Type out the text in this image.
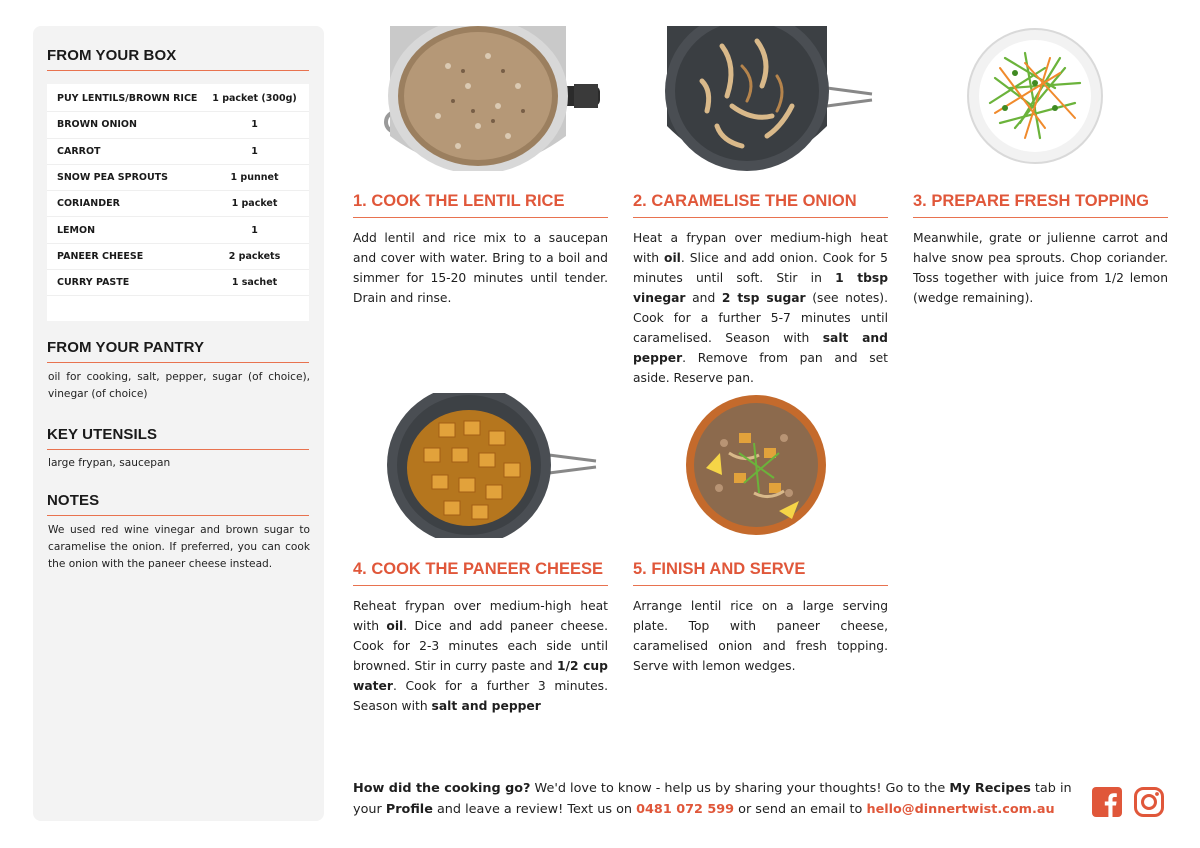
FROM YOUR BOX
PUY LENTILS/BROWN RICE	1 packet (300g)
BROWN ONION	1
CARROT	1
SNOW PEA SPROUTS	1 punnet
CORIANDER	1 packet
LEMON	1
PANEER CHEESE	2 packets
CURRY PASTE	1 sachet
FROM YOUR PANTRY
oil for cooking, salt, pepper, sugar (of choice), vinegar (of choice)
KEY UTENSILS
large frypan, saucepan
NOTES
We used red wine vinegar and brown sugar to caramelise the onion. If preferred, you can cook the onion with the paneer cheese instead.
1. COOK THE LENTIL RICE
Add lentil and rice mix to a saucepan and cover with water. Bring to a boil and simmer for 15-20 minutes until tender. Drain and rinse.
2. CARAMELISE THE ONION
Heat a frypan over medium-high heat with oil. Slice and add onion. Cook for 5 minutes until soft. Stir in 1 tbsp vinegar and 2 tsp sugar (see notes). Cook for a further 5-7 minutes until caramelised. Season with salt and pepper. Remove from pan and set aside. Reserve pan.
3. PREPARE FRESH TOPPING
Meanwhile, grate or julienne carrot and halve snow pea sprouts. Chop coriander. Toss together with juice from 1/2 lemon (wedge remaining).
4. COOK THE PANEER CHEESE
Reheat frypan over medium-high heat with oil. Dice and add paneer cheese. Cook for 2-3 minutes each side until browned. Stir in curry paste and 1/2 cup water. Cook for a further 3 minutes. Season with salt and pepper
5. FINISH AND SERVE
Arrange lentil rice on a large serving plate. Top with paneer cheese, caramelised onion and fresh topping. Serve with lemon wedges.
How did the cooking go? We'd love to know - help us by sharing your thoughts! Go to the My Recipes tab in your Profile and leave a review! Text us on 0481 072 599 or send an email to hello@dinnertwist.com.au
